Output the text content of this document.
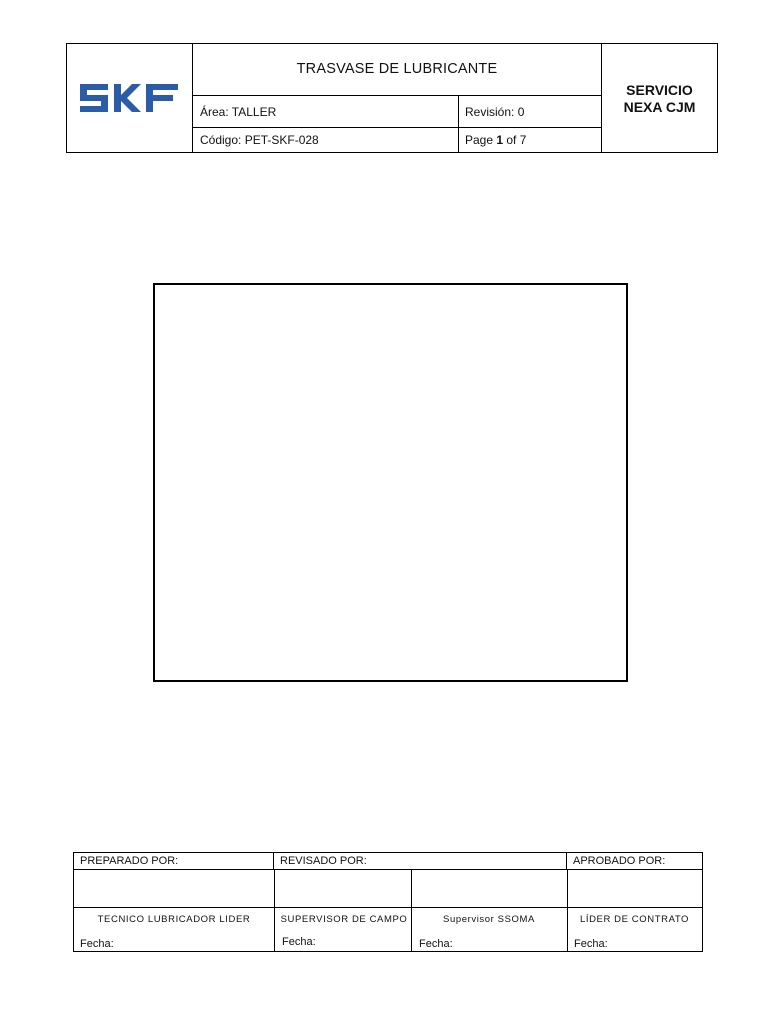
TRASVASE DE LUBRICANTE
Área: TALLER	Revisión: 0
Código: PET-SKF-028	Page 1 of 7
SERVICIO
NEXA CJM
PREPARADO POR:	REVISADO POR:	APROBADO POR:
TECNICO LUBRICADOR LIDER	SUPERVISOR DE CAMPO	Supervisor SSOMA	LÍDER DE CONTRATO
Fecha:	Fecha:	Fecha:	Fecha:
